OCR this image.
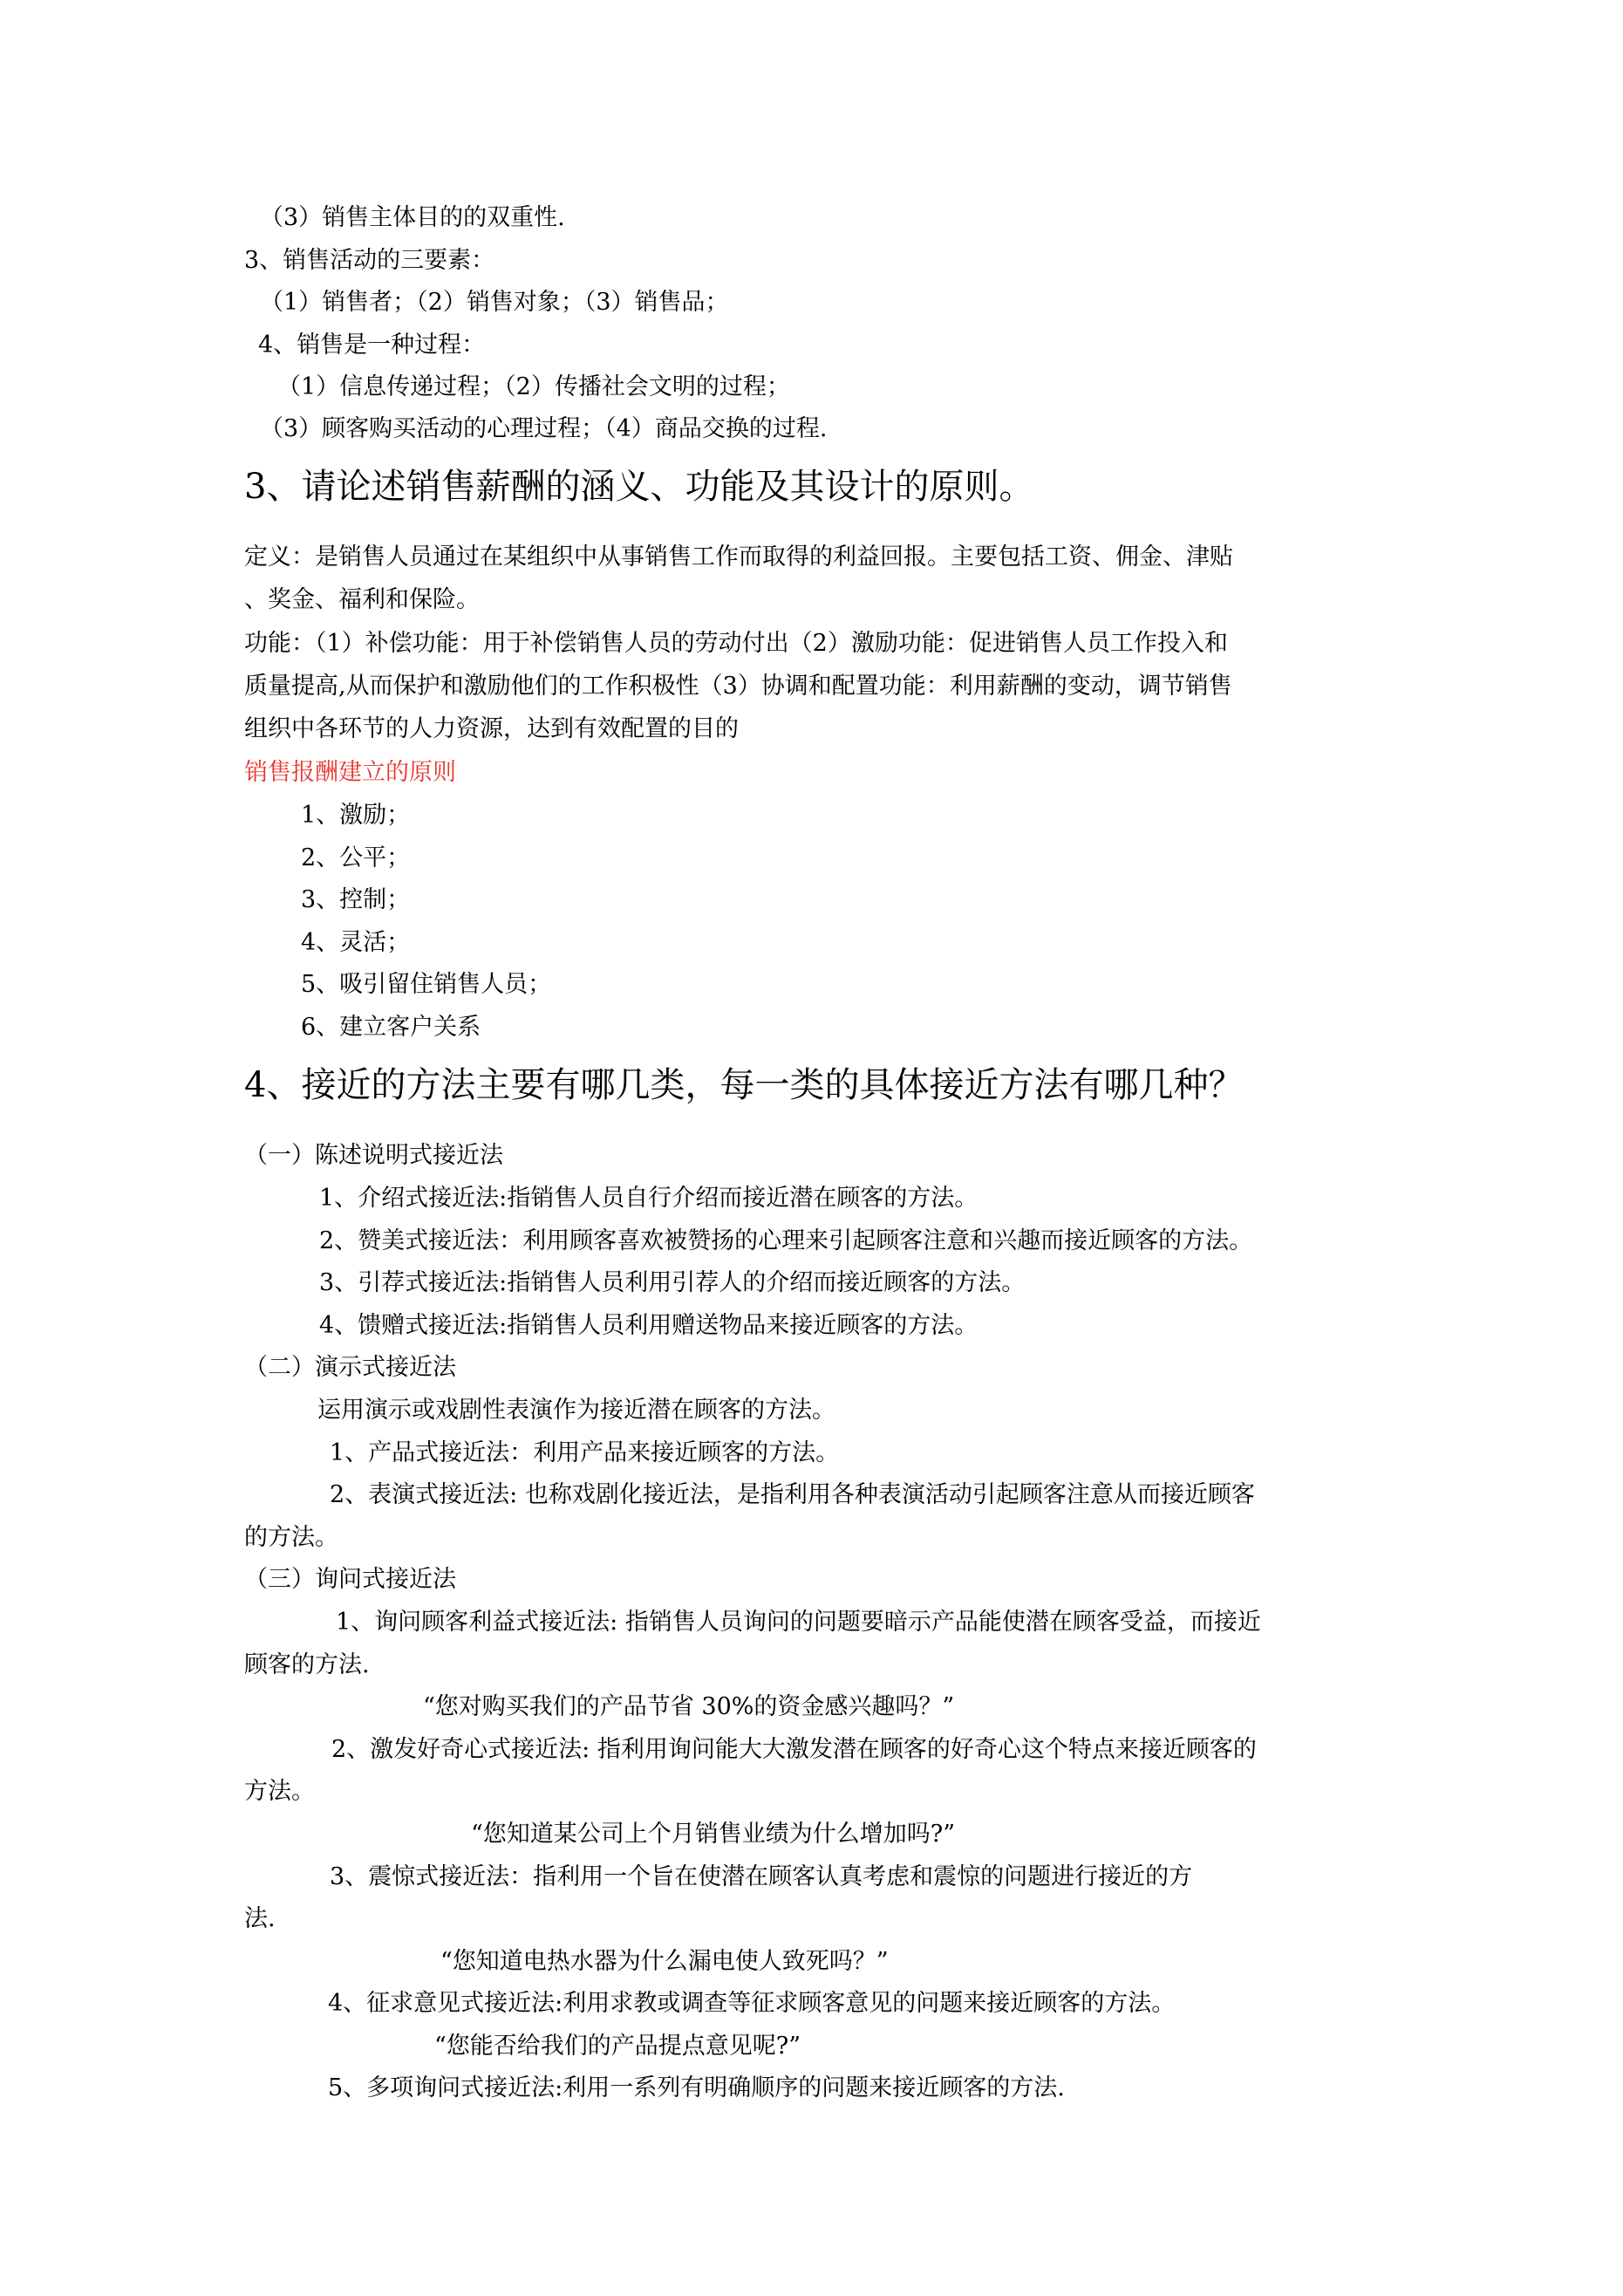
（3）销售主体目的的双重性.
3、销售活动的三要素：
（1）销售者；（2）销售对象；（3）销售品；
4、销售是一种过程：
（1）信息传递过程；（2）传播社会文明的过程；
（3）顾客购买活动的心理过程；（4）商品交换的过程.
3、请论述销售薪酬的涵义、功能及其设计的原则。
定义：是销售人员通过在某组织中从事销售工作而取得的利益回报。主要包括工资、佣金、津贴
、奖金、福利和保险。
功能：（1）补偿功能：用于补偿销售人员的劳动付出（2）激励功能：促进销售人员工作投入和
质量提高,从而保护和激励他们的工作积极性（3）协调和配置功能：利用薪酬的变动，调节销售
组织中各环节的人力资源，达到有效配置的目的
销售报酬建立的原则
1、激励；
2、公平；
3、控制；
4、灵活；
5、吸引留住销售人员；
6、建立客户关系
4、接近的方法主要有哪几类，每一类的具体接近方法有哪几种？
（一）陈述说明式接近法
1、介绍式接近法:指销售人员自行介绍而接近潜在顾客的方法。
2、赞美式接近法：利用顾客喜欢被赞扬的心理来引起顾客注意和兴趣而接近顾客的方法。
3、引荐式接近法:指销售人员利用引荐人的介绍而接近顾客的方法。
4、馈赠式接近法:指销售人员利用赠送物品来接近顾客的方法。
（二）演示式接近法
运用演示或戏剧性表演作为接近潜在顾客的方法。
1、产品式接近法：利用产品来接近顾客的方法。
2、表演式接近法: 也称戏剧化接近法，是指利用各种表演活动引起顾客注意从而接近顾客
的方法。
（三）询问式接近法
1、询问顾客利益式接近法: 指销售人员询问的问题要暗示产品能使潜在顾客受益，而接近
顾客的方法.
“您对购买我们的产品节省 30%的资金感兴趣吗？”
2、激发好奇心式接近法: 指利用询问能大大激发潜在顾客的好奇心这个特点来接近顾客的
方法。
“您知道某公司上个月销售业绩为什么增加吗?”
3、震惊式接近法：指利用一个旨在使潜在顾客认真考虑和震惊的问题进行接近的方
法.
“您知道电热水器为什么漏电使人致死吗？”
4、征求意见式接近法:利用求教或调查等征求顾客意见的问题来接近顾客的方法。
“您能否给我们的产品提点意见呢?”
5、多项询问式接近法:利用一系列有明确顺序的问题来接近顾客的方法.
